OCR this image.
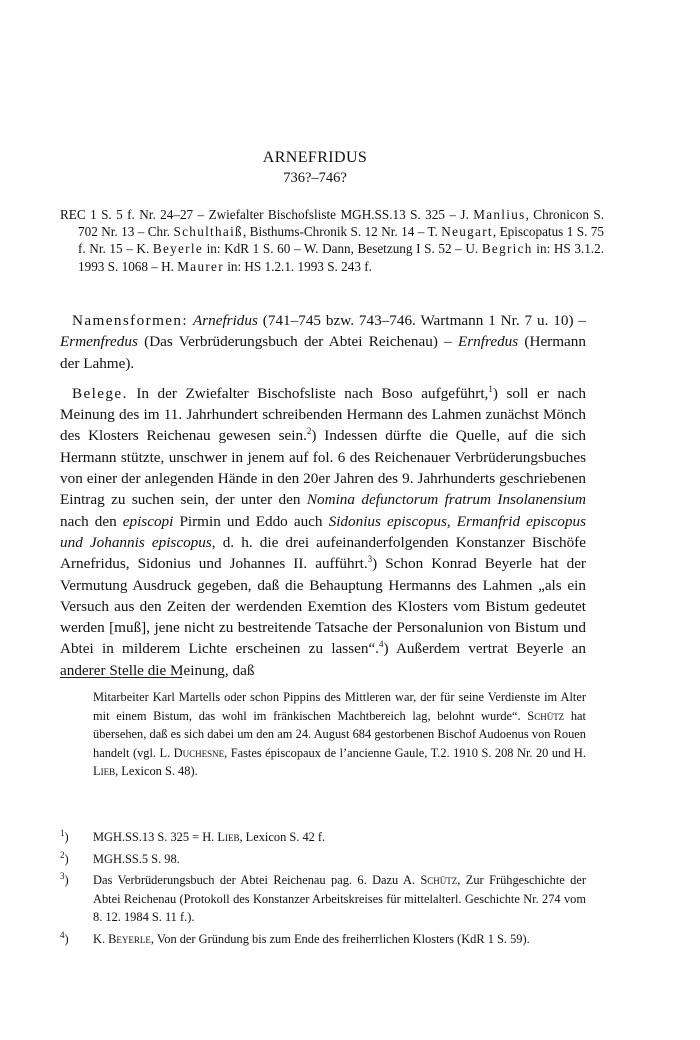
ARNEFRIDUS
736?–746?
REC 1 S. 5 f. Nr. 24–27 – Zwiefalter Bischofsliste MGH.SS.13 S. 325 – J. Manlius, Chronicon S. 702 Nr. 13 – Chr. Schulthaiß, Bisthums-Chronik S. 12 Nr. 14 – T. Neugart, Episcopatus 1 S. 75 f. Nr. 15 – K. Beyerle in: KdR 1 S. 60 – W. Dann, Besetzung I S. 52 – U. Begrich in: HS 3.1.2. 1993 S. 1068 – H. Maurer in: HS 1.2.1. 1993 S. 243 f.

Namensformen: Arnefridus (741–745 bzw. 743–746. Wartmann 1 Nr. 7 u. 10) – Ermenfredus (Das Verbrüderungsbuch der Abtei Reichenau) – Ernfredus (Hermann der Lahme).

Belege. In der Zwiefalter Bischofsliste nach Boso aufgeführt,$^1$) soll er nach Meinung des im 11. Jahrhundert schreibenden Hermann des Lahmen zunächst Mönch des Klosters Reichenau gewesen sein.$^2$) Indessen dürfte die Quelle, auf die sich Hermann stützte, unschwer in jenem auf fol. 6 des Reichenauer Verbrüderungsbuches von einer der anlegenden Hände in den 20er Jahren des 9. Jahrhunderts geschriebenen Eintrag zu suchen sein, der unter den Nomina defunctorum fratrum Insolanensium nach den episcopi Pirmin und Eddo auch Sidonius episcopus, Ermanfrid episcopus und Johannis episcopus, d. h. die drei aufeinanderfolgenden Konstanzer Bischöfe Arnefridus, Sidonius und Johannes II. aufführt.$^3$) Schon Konrad Beyerle hat der Vermutung Ausdruck gegeben, daß die Behauptung Hermanns des Lahmen „als ein Versuch aus den Zeiten der werdenden Exemtion des Klosters vom Bistum gedeutet werden [muß], jene nicht zu bestreitende Tatsache der Personalunion von Bistum und Abtei in milderem Lichte erscheinen zu lassen“.$^4$) Außerdem vertrat Beyerle an anderer Stelle die Meinung, daß

Mitarbeiter Karl Martells oder schon Pippins des Mittleren war, der für seine Verdienste im Alter mit einem Bistum, das wohl im fränkischen Machtbereich lag, belohnt wurde“. Schütz hat übersehen, daß es sich dabei um den am 24. August 684 gestorbenen Bischof Audoenus von Rouen handelt (vgl. L. Duchesne, Fastes épiscopaux de l’ancienne Gaule, T.2. 1910 S. 208 Nr. 20 und H. Lieb, Lexicon S. 48).
$^1$)	MGH.SS.13 S. 325 = H. Lieb, Lexicon S. 42 f.
$^2$)	MGH.SS.5 S. 98.
$^3$)	Das Verbrüderungsbuch der Abtei Reichenau pag. 6. Dazu A. Schütz, Zur Frühgeschichte der Abtei Reichenau (Protokoll des Konstanzer Arbeitskreises für mittelalterl. Geschichte Nr. 274 vom 8. 12. 1984 S. 11 f.).
$^4$)	K. Beyerle, Von der Gründung bis zum Ende des freiherrlichen Klosters (KdR 1 S. 59).
